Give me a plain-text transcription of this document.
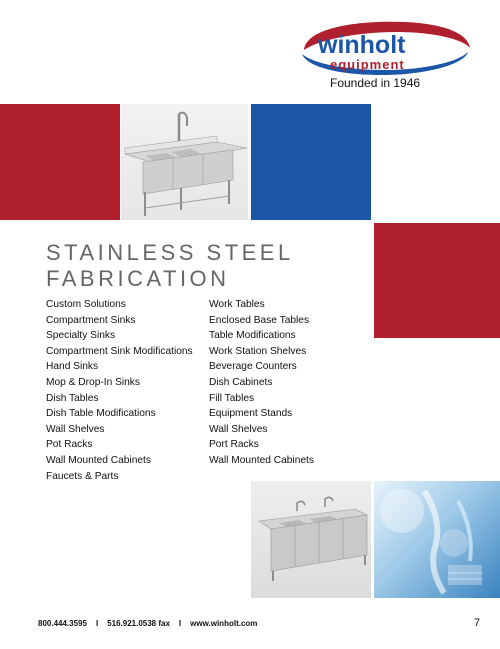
winholt
equipment
Founded in 1946
STAINLESS STEEL
FABRICATION
Custom Solutions
Compartment Sinks
Specialty Sinks
Compartment Sink Modifications
Hand Sinks
Mop & Drop-In Sinks
Dish Tables
Dish Table Modifications
Wall Shelves
Pot Racks
Wall Mounted Cabinets
Faucets & Parts
Work Tables
Enclosed Base Tables
Table Modifications
Work Station Shelves
Beverage Counters
Dish Cabinets
Fill Tables
Equipment Stands
Wall Shelves
Port Racks
Wall Mounted Cabinets
800.444.3595 I 516.921.0538 fax I www.winholt.com	7
